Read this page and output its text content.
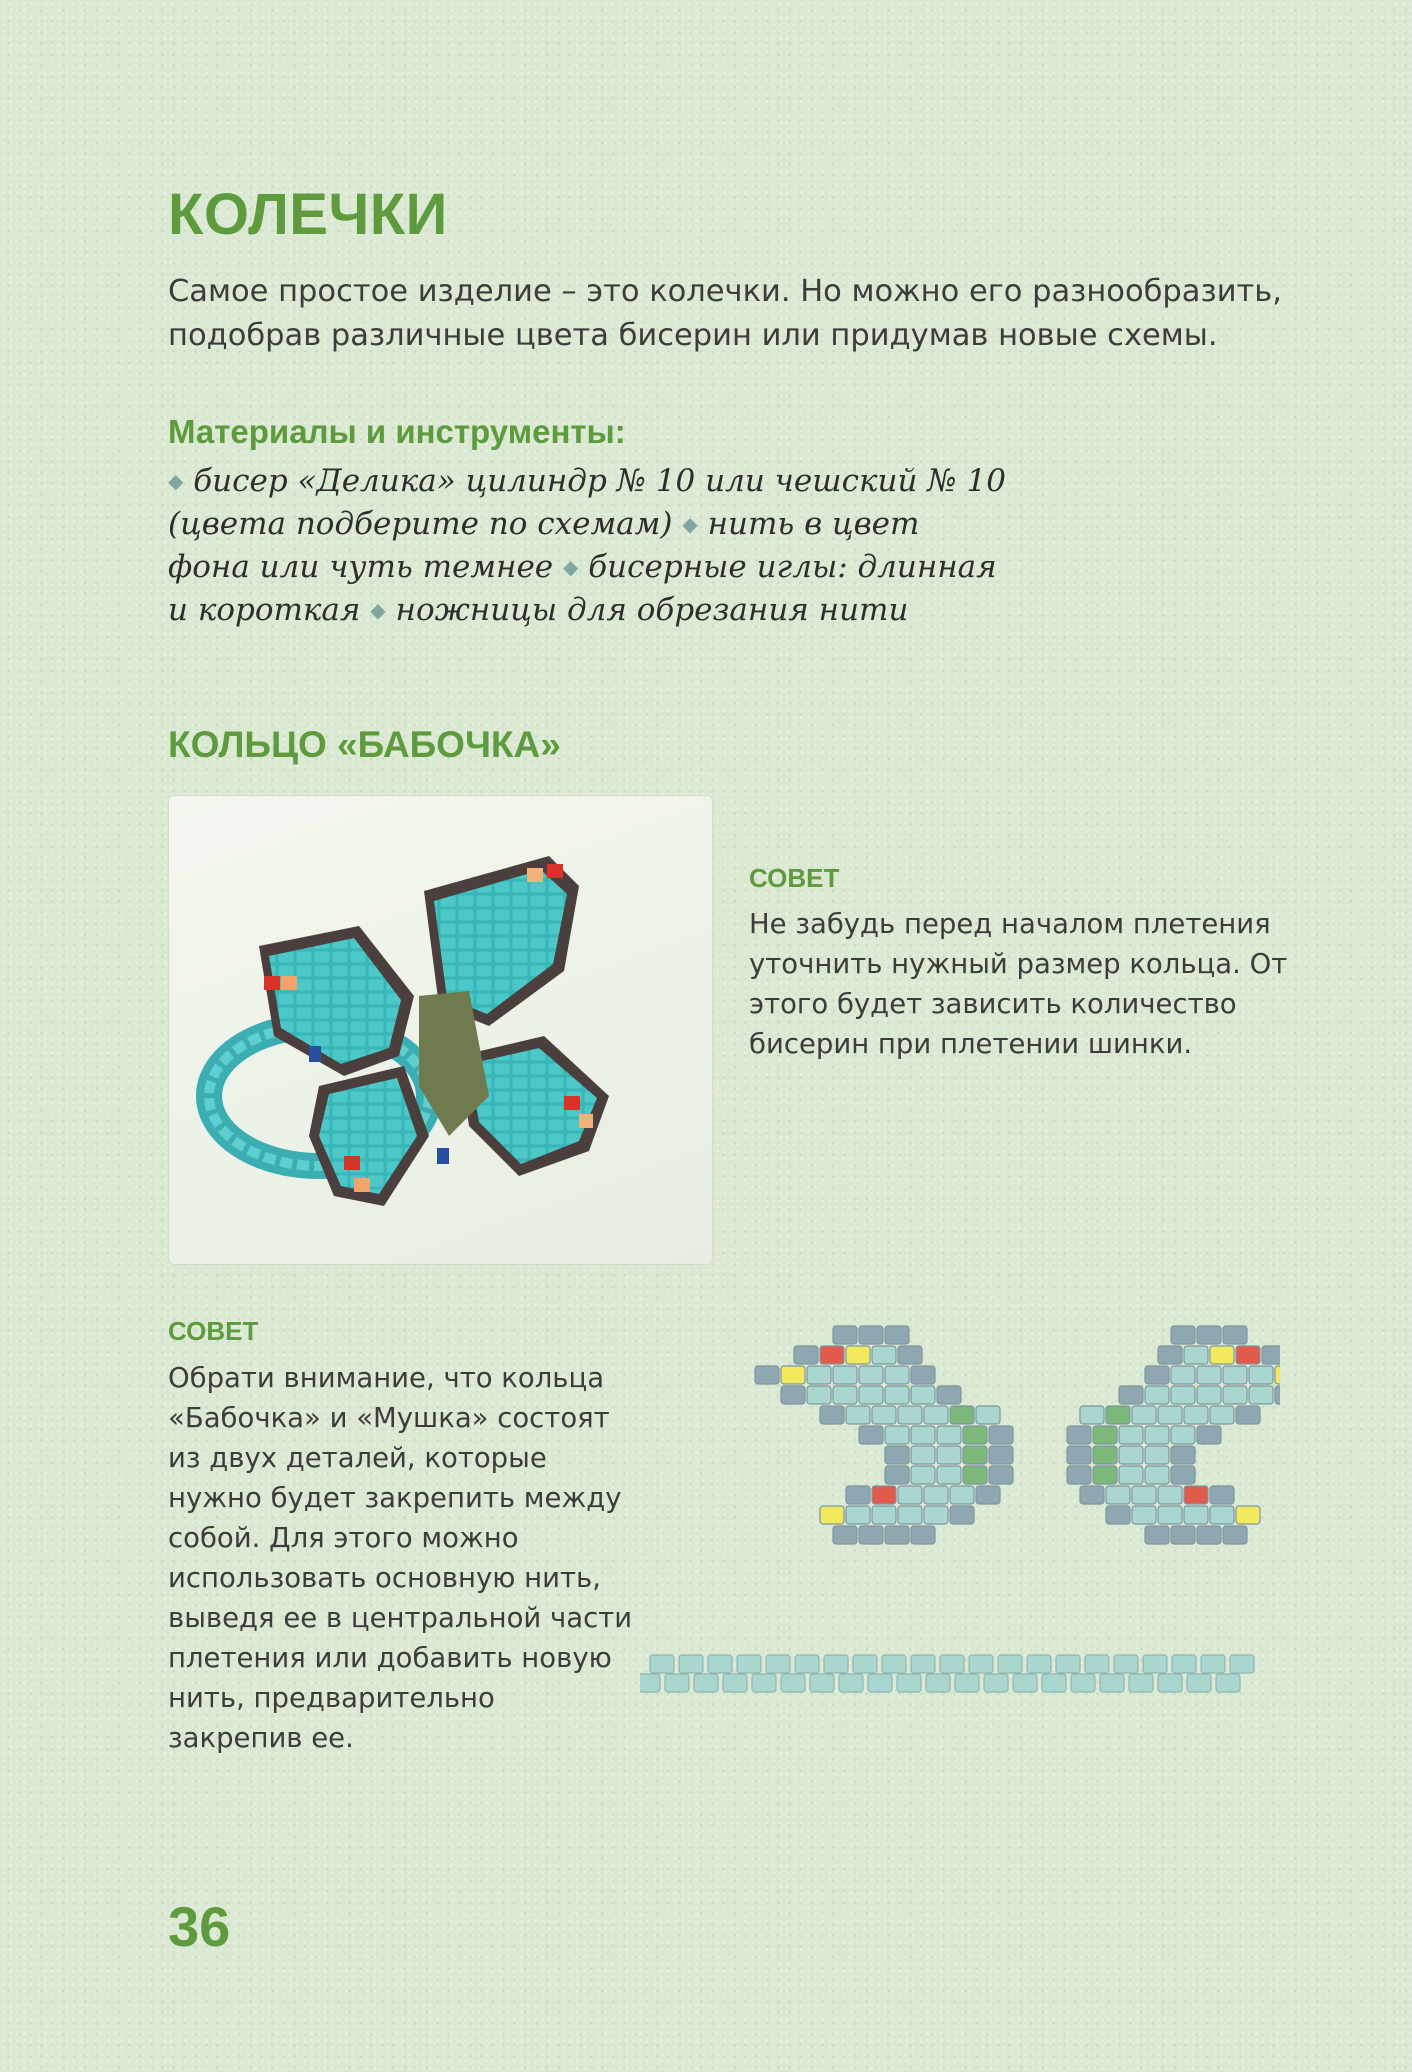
КОЛЕЧКИ

Самое простое изделие – это колечки. Но можно его разнообразить, подобрав различные цвета бисерин или придумав новые схемы.

Материалы и инструменты:

◆ бисер «Делика» цилиндр № 10 или чешский № 10 (цвета подберите по схемам) ◆ нить в цвет фона или чуть темнее ◆ бисерные иглы: длинная и короткая ◆ ножницы для обрезания нити

КОЛЬЦО «БАБОЧКА»
СОВЕТ

Не забудь перед началом плетения уточнить нужный размер кольца. От этого будет зависить количество бисерин при плетении шинки.

СОВЕТ

Обрати внимание, что кольца «Бабочка» и «Мушка» состоят из двух деталей, которые нужно будет закрепить между собой. Для этого можно использовать основную нить, выведя ее в центральной части плетения или добавить новую нить, предварительно закрепив ее.

36
